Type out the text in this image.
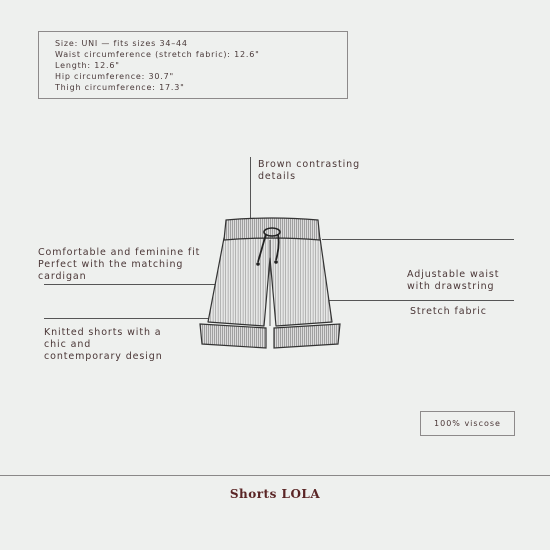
Size: UNI — fits sizes 34–44
Waist circumference (stretch fabric): 12.6"
Length: 12.6"
Hip circumference: 30.7"
Thigh circumference: 17.3"
Brown contrasting
details
Comfortable and feminine fit
Perfect with the matching
cardigan	Adjustable waist
with drawstring
Stretch fabric
Knitted shorts with a
chic and
contemporary design
100% viscose
Shorts LOLA
